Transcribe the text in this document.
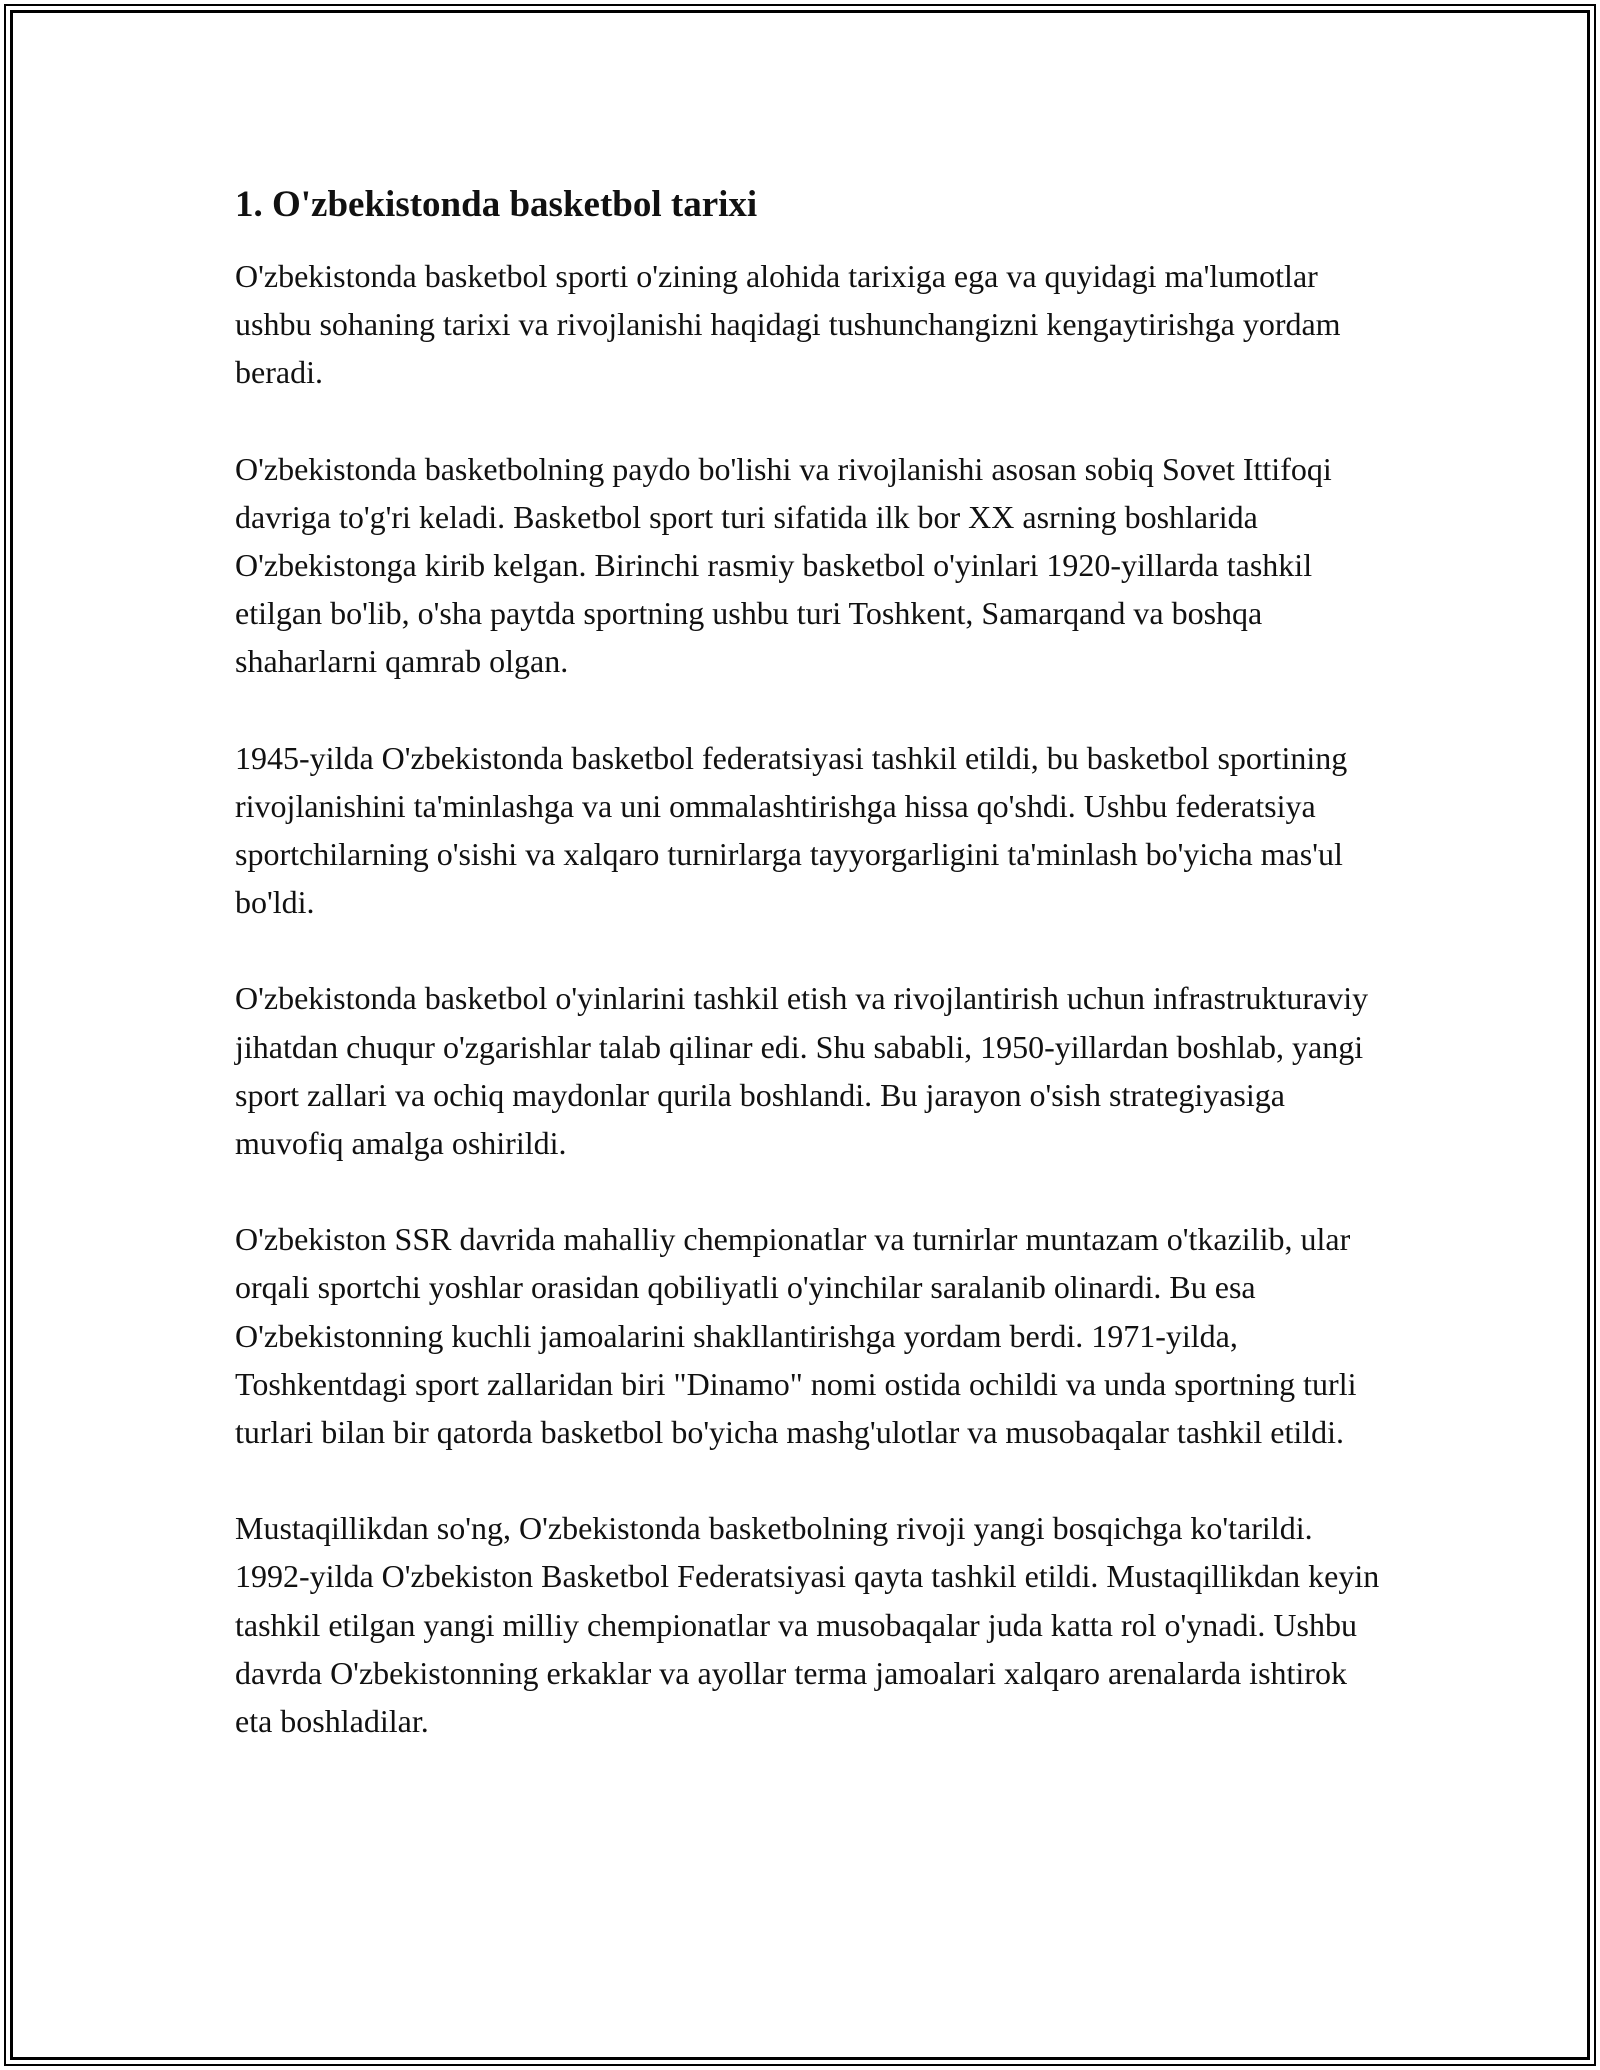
1. O'zbekistonda basketbol tarixi

O'zbekistonda basketbol sporti o'zining alohida tarixiga ega va quyidagi ma'lumotlar ushbu sohaning tarixi va rivojlanishi haqidagi tushunchangizni kengaytirishga yordam beradi.

O'zbekistonda basketbolning paydo bo'lishi va rivojlanishi asosan sobiq Sovet Ittifoqi davriga to'g'ri keladi. Basketbol sport turi sifatida ilk bor XX asrning boshlarida O'zbekistonga kirib kelgan. Birinchi rasmiy basketbol o'yinlari 1920-yillarda tashkil etilgan bo'lib, o'sha paytda sportning ushbu turi Toshkent, Samarqand va boshqa shaharlarni qamrab olgan.

1945-yilda O'zbekistonda basketbol federatsiyasi tashkil etildi, bu basketbol sportining rivojlanishini ta'minlashga va uni ommalashtirishga hissa qo'shdi. Ushbu federatsiya sportchilarning o'sishi va xalqaro turnirlarga tayyorgarligini ta'minlash bo'yicha mas'ul bo'ldi.

O'zbekistonda basketbol o'yinlarini tashkil etish va rivojlantirish uchun infrastrukturaviy jihatdan chuqur o'zgarishlar talab qilinar edi. Shu sababli, 1950-yillardan boshlab, yangi sport zallari va ochiq maydonlar qurila boshlandi. Bu jarayon o'sish strategiyasiga muvofiq amalga oshirildi.

O'zbekiston SSR davrida mahalliy chempionatlar va turnirlar muntazam o'tkazilib, ular orqali sportchi yoshlar orasidan qobiliyatli o'yinchilar saralanib olinardi. Bu esa O'zbekistonning kuchli jamoalarini shakllantirishga yordam berdi. 1971-yilda, Toshkentdagi sport zallaridan biri "Dinamo" nomi ostida ochildi va unda sportning turli turlari bilan bir qatorda basketbol bo'yicha mashg'ulotlar va musobaqalar tashkil etildi.

Mustaqillikdan so'ng, O'zbekistonda basketbolning rivoji yangi bosqichga ko'tarildi. 1992-yilda O'zbekiston Basketbol Federatsiyasi qayta tashkil etildi. Mustaqillikdan keyin tashkil etilgan yangi milliy chempionatlar va musobaqalar juda katta rol o'ynadi. Ushbu davrda O'zbekistonning erkaklar va ayollar terma jamoalari xalqaro arenalarda ishtirok eta boshladilar.
